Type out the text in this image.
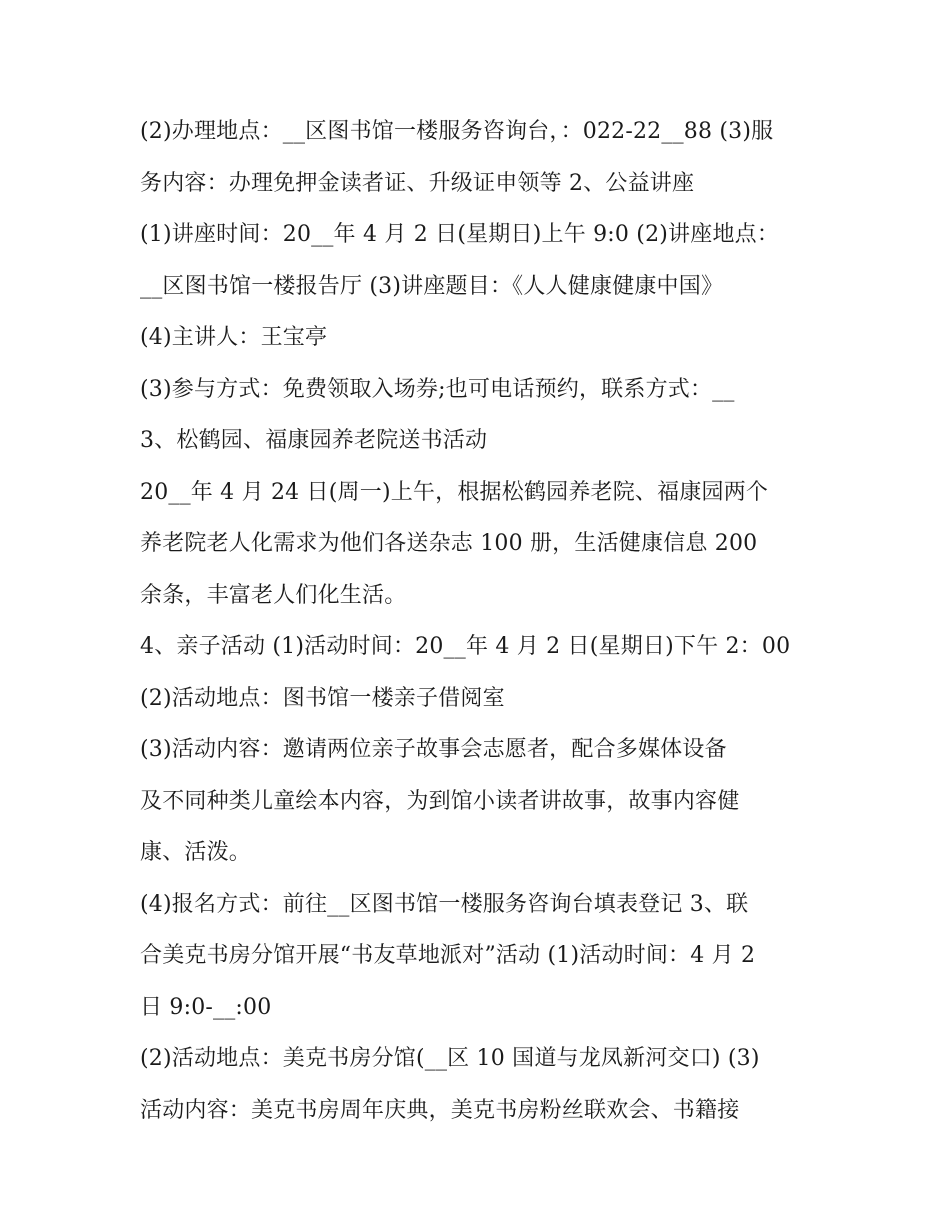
(2)办理地点：__区图书馆一楼服务咨询台，：022-22__88 (3)服
务内容：办理免押金读者证、升级证申领等 2、公益讲座
(1)讲座时间：20__年 4 月 2 日(星期日)上午 9:0 (2)讲座地点：
__区图书馆一楼报告厅 (3)讲座题目：《人人健康健康中国》
(4)主讲人：王宝亭
(3)参与方式：免费领取入场券;也可电话预约，联系方式：__
3、松鹤园、福康园养老院送书活动
20__年 4 月 24 日(周一)上午，根据松鹤园养老院、福康园两个
养老院老人化需求为他们各送杂志 100 册，生活健康信息 200
余条，丰富老人们化生活。
4、亲子活动 (1)活动时间：20__年 4 月 2 日(星期日)下午 2：00
(2)活动地点：图书馆一楼亲子借阅室
(3)活动内容：邀请两位亲子故事会志愿者，配合多媒体设备
及不同种类儿童绘本内容，为到馆小读者讲故事，故事内容健
康、活泼。
(4)报名方式：前往__区图书馆一楼服务咨询台填表登记 3、联
合美克书房分馆开展“书友草地派对”活动 (1)活动时间：4 月 2
日 9:0-__:00
(2)活动地点：美克书房分馆(__区 10 国道与龙凤新河交口) (3)
活动内容：美克书房周年庆典，美克书房粉丝联欢会、书籍接
